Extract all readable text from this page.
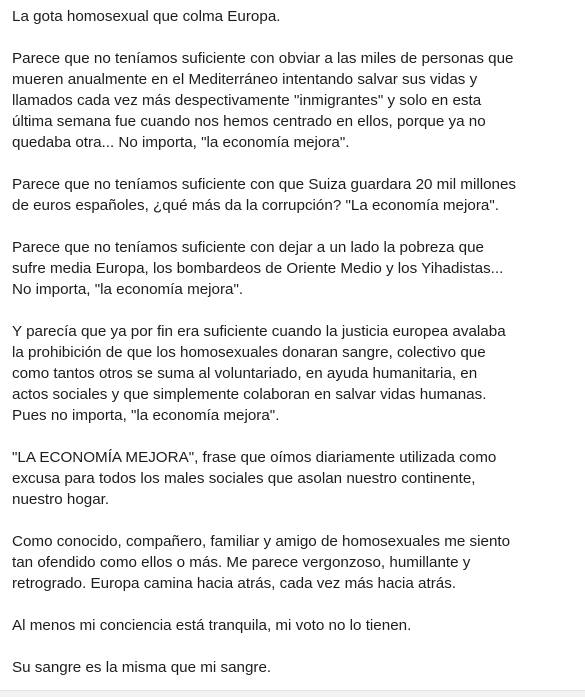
La gota homosexual que colma Europa.
Parece que no teníamos suficiente con obviar a las miles de personas que
mueren anualmente en el Mediterráneo intentando salvar sus vidas y
llamados cada vez más despectivamente "inmigrantes" y solo en esta
última semana fue cuando nos hemos centrado en ellos, porque ya no
quedaba otra... No importa, "la economía mejora".
Parece que no teníamos suficiente con que Suiza guardara 20 mil millones
de euros españoles, ¿qué más da la corrupción? "La economía mejora".
Parece que no teníamos suficiente con dejar a un lado la pobreza que
sufre media Europa, los bombardeos de Oriente Medio y los Yihadistas...
No importa, "la economía mejora".
Y parecía que ya por fin era suficiente cuando la justicia europea avalaba
la prohibición de que los homosexuales donaran sangre, colectivo que
como tantos otros se suma al voluntariado, en ayuda humanitaria, en
actos sociales y que simplemente colaboran en salvar vidas humanas.
Pues no importa, "la economía mejora".
"LA ECONOMÍA MEJORA", frase que oímos diariamente utilizada como
excusa para todos los males sociales que asolan nuestro continente,
nuestro hogar.
Como conocido, compañero, familiar y amigo de homosexuales me siento
tan ofendido como ellos o más. Me parece vergonzoso, humillante y
retrogrado. Europa camina hacia atrás, cada vez más hacia atrás.
Al menos mi conciencia está tranquila, mi voto no lo tienen.
Su sangre es la misma que mi sangre.
